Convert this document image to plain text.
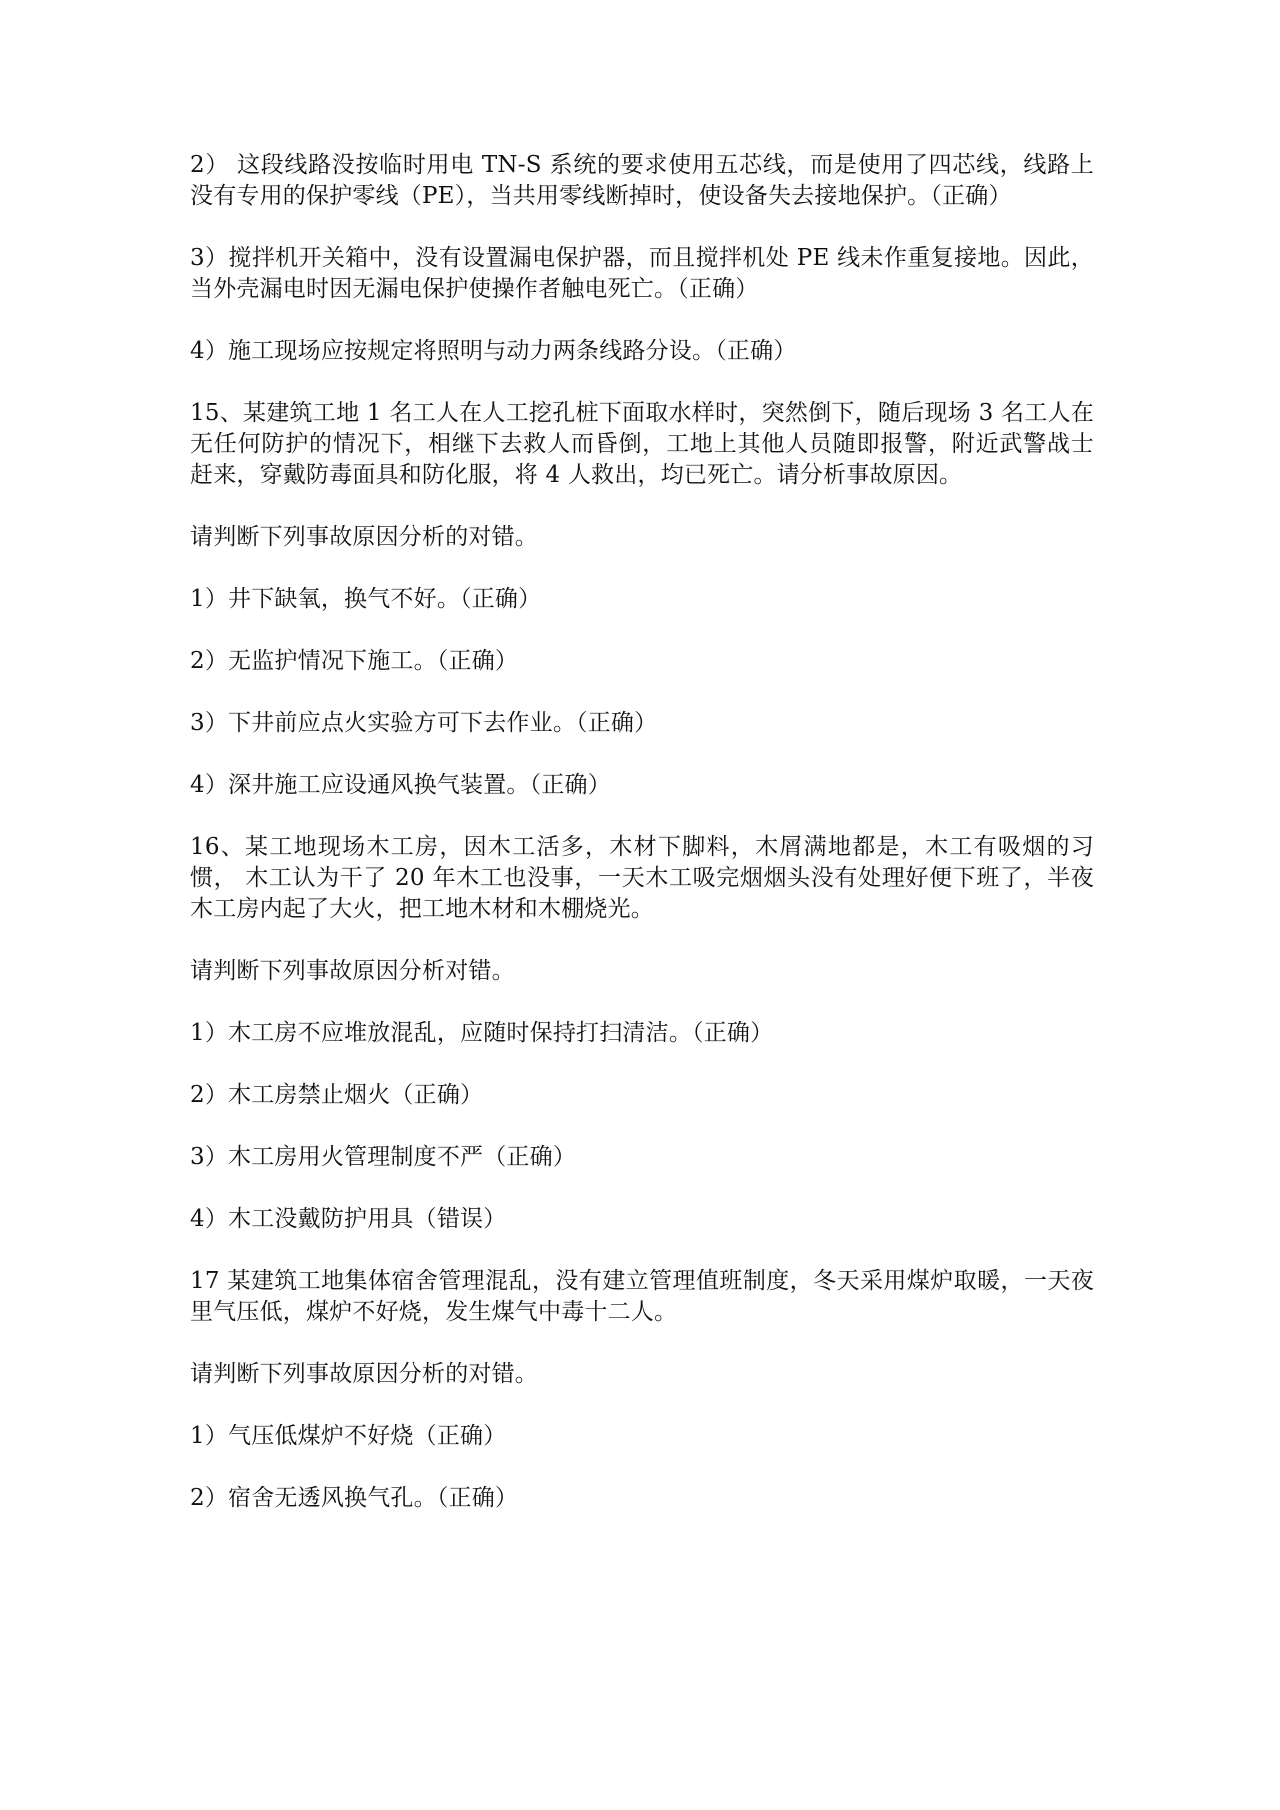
2） 这段线路没按临时用电 TN-S 系统的要求使用五芯线，而是使用了四芯线，线路上没有专用的保护零线（PE），当共用零线断掉时，使设备失去接地保护。（正确）

3）搅拌机开关箱中，没有设置漏电保护器，而且搅拌机处 PE 线未作重复接地。因此，当外壳漏电时因无漏电保护使操作者触电死亡。（正确）

4）施工现场应按规定将照明与动力两条线路分设。（正确）

15、某建筑工地 1 名工人在人工挖孔桩下面取水样时，突然倒下，随后现场 3 名工人在无任何防护的情况下，相继下去救人而昏倒，工地上其他人员随即报警，附近武警战士赶来，穿戴防毒面具和防化服，将 4 人救出，均已死亡。请分析事故原因。

请判断下列事故原因分析的对错。

1）井下缺氧，换气不好。（正确）

2）无监护情况下施工。（正确）

3）下井前应点火实验方可下去作业。（正确）

4）深井施工应设通风换气装置。（正确）

16、某工地现场木工房，因木工活多，木材下脚料，木屑满地都是，木工有吸烟的习惯， 木工认为干了 20 年木工也没事，一天木工吸完烟烟头没有处理好便下班了，半夜木工房内起了大火，把工地木材和木棚烧光。

请判断下列事故原因分析对错。

1）木工房不应堆放混乱，应随时保持打扫清洁。（正确）

2）木工房禁止烟火（正确）

3）木工房用火管理制度不严（正确）

4）木工没戴防护用具（错误）

17 某建筑工地集体宿舍管理混乱，没有建立管理值班制度，冬天采用煤炉取暖，一天夜里气压低，煤炉不好烧，发生煤气中毒十二人。

请判断下列事故原因分析的对错。

1）气压低煤炉不好烧（正确）

2）宿舍无透风换气孔。（正确）
